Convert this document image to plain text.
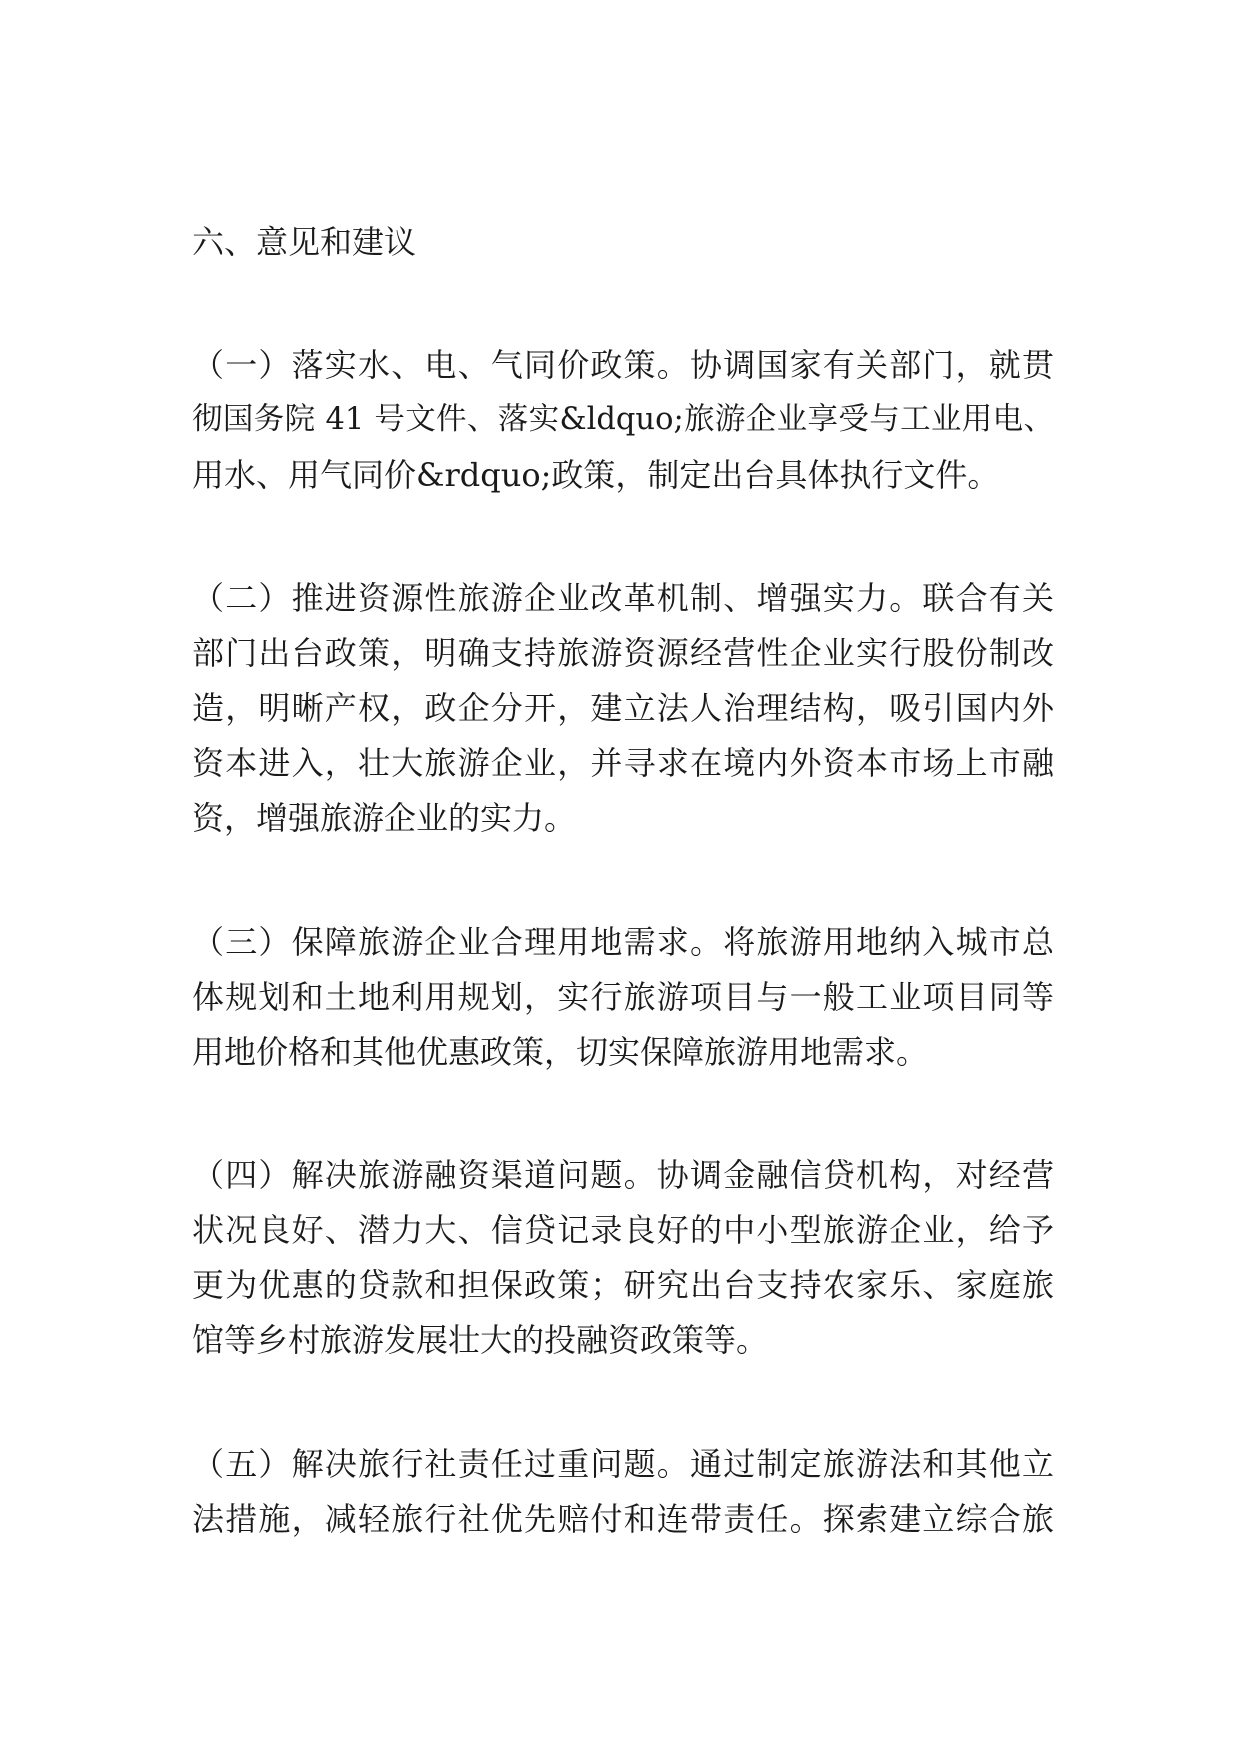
六、意见和建议
（一）落实水、电、气同价政策。协调国家有关部门，就贯
彻国务院 41 号文件、落实&ldquo;旅游企业享受与工业用电、
用水、用气同价&rdquo;政策，制定出台具体执行文件。
（二）推进资源性旅游企业改革机制、增强实力。联合有关
部门出台政策，明确支持旅游资源经营性企业实行股份制改
造，明晰产权，政企分开，建立法人治理结构，吸引国内外
资本进入，壮大旅游企业，并寻求在境内外资本市场上市融
资，增强旅游企业的实力。
（三）保障旅游企业合理用地需求。将旅游用地纳入城市总
体规划和土地利用规划，实行旅游项目与一般工业项目同等
用地价格和其他优惠政策，切实保障旅游用地需求。
（四）解决旅游融资渠道问题。协调金融信贷机构，对经营
状况良好、潜力大、信贷记录良好的中小型旅游企业，给予
更为优惠的贷款和担保政策；研究出台支持农家乐、家庭旅
馆等乡村旅游发展壮大的投融资政策等。
（五）解决旅行社责任过重问题。通过制定旅游法和其他立
法措施，减轻旅行社优先赔付和连带责任。探索建立综合旅
